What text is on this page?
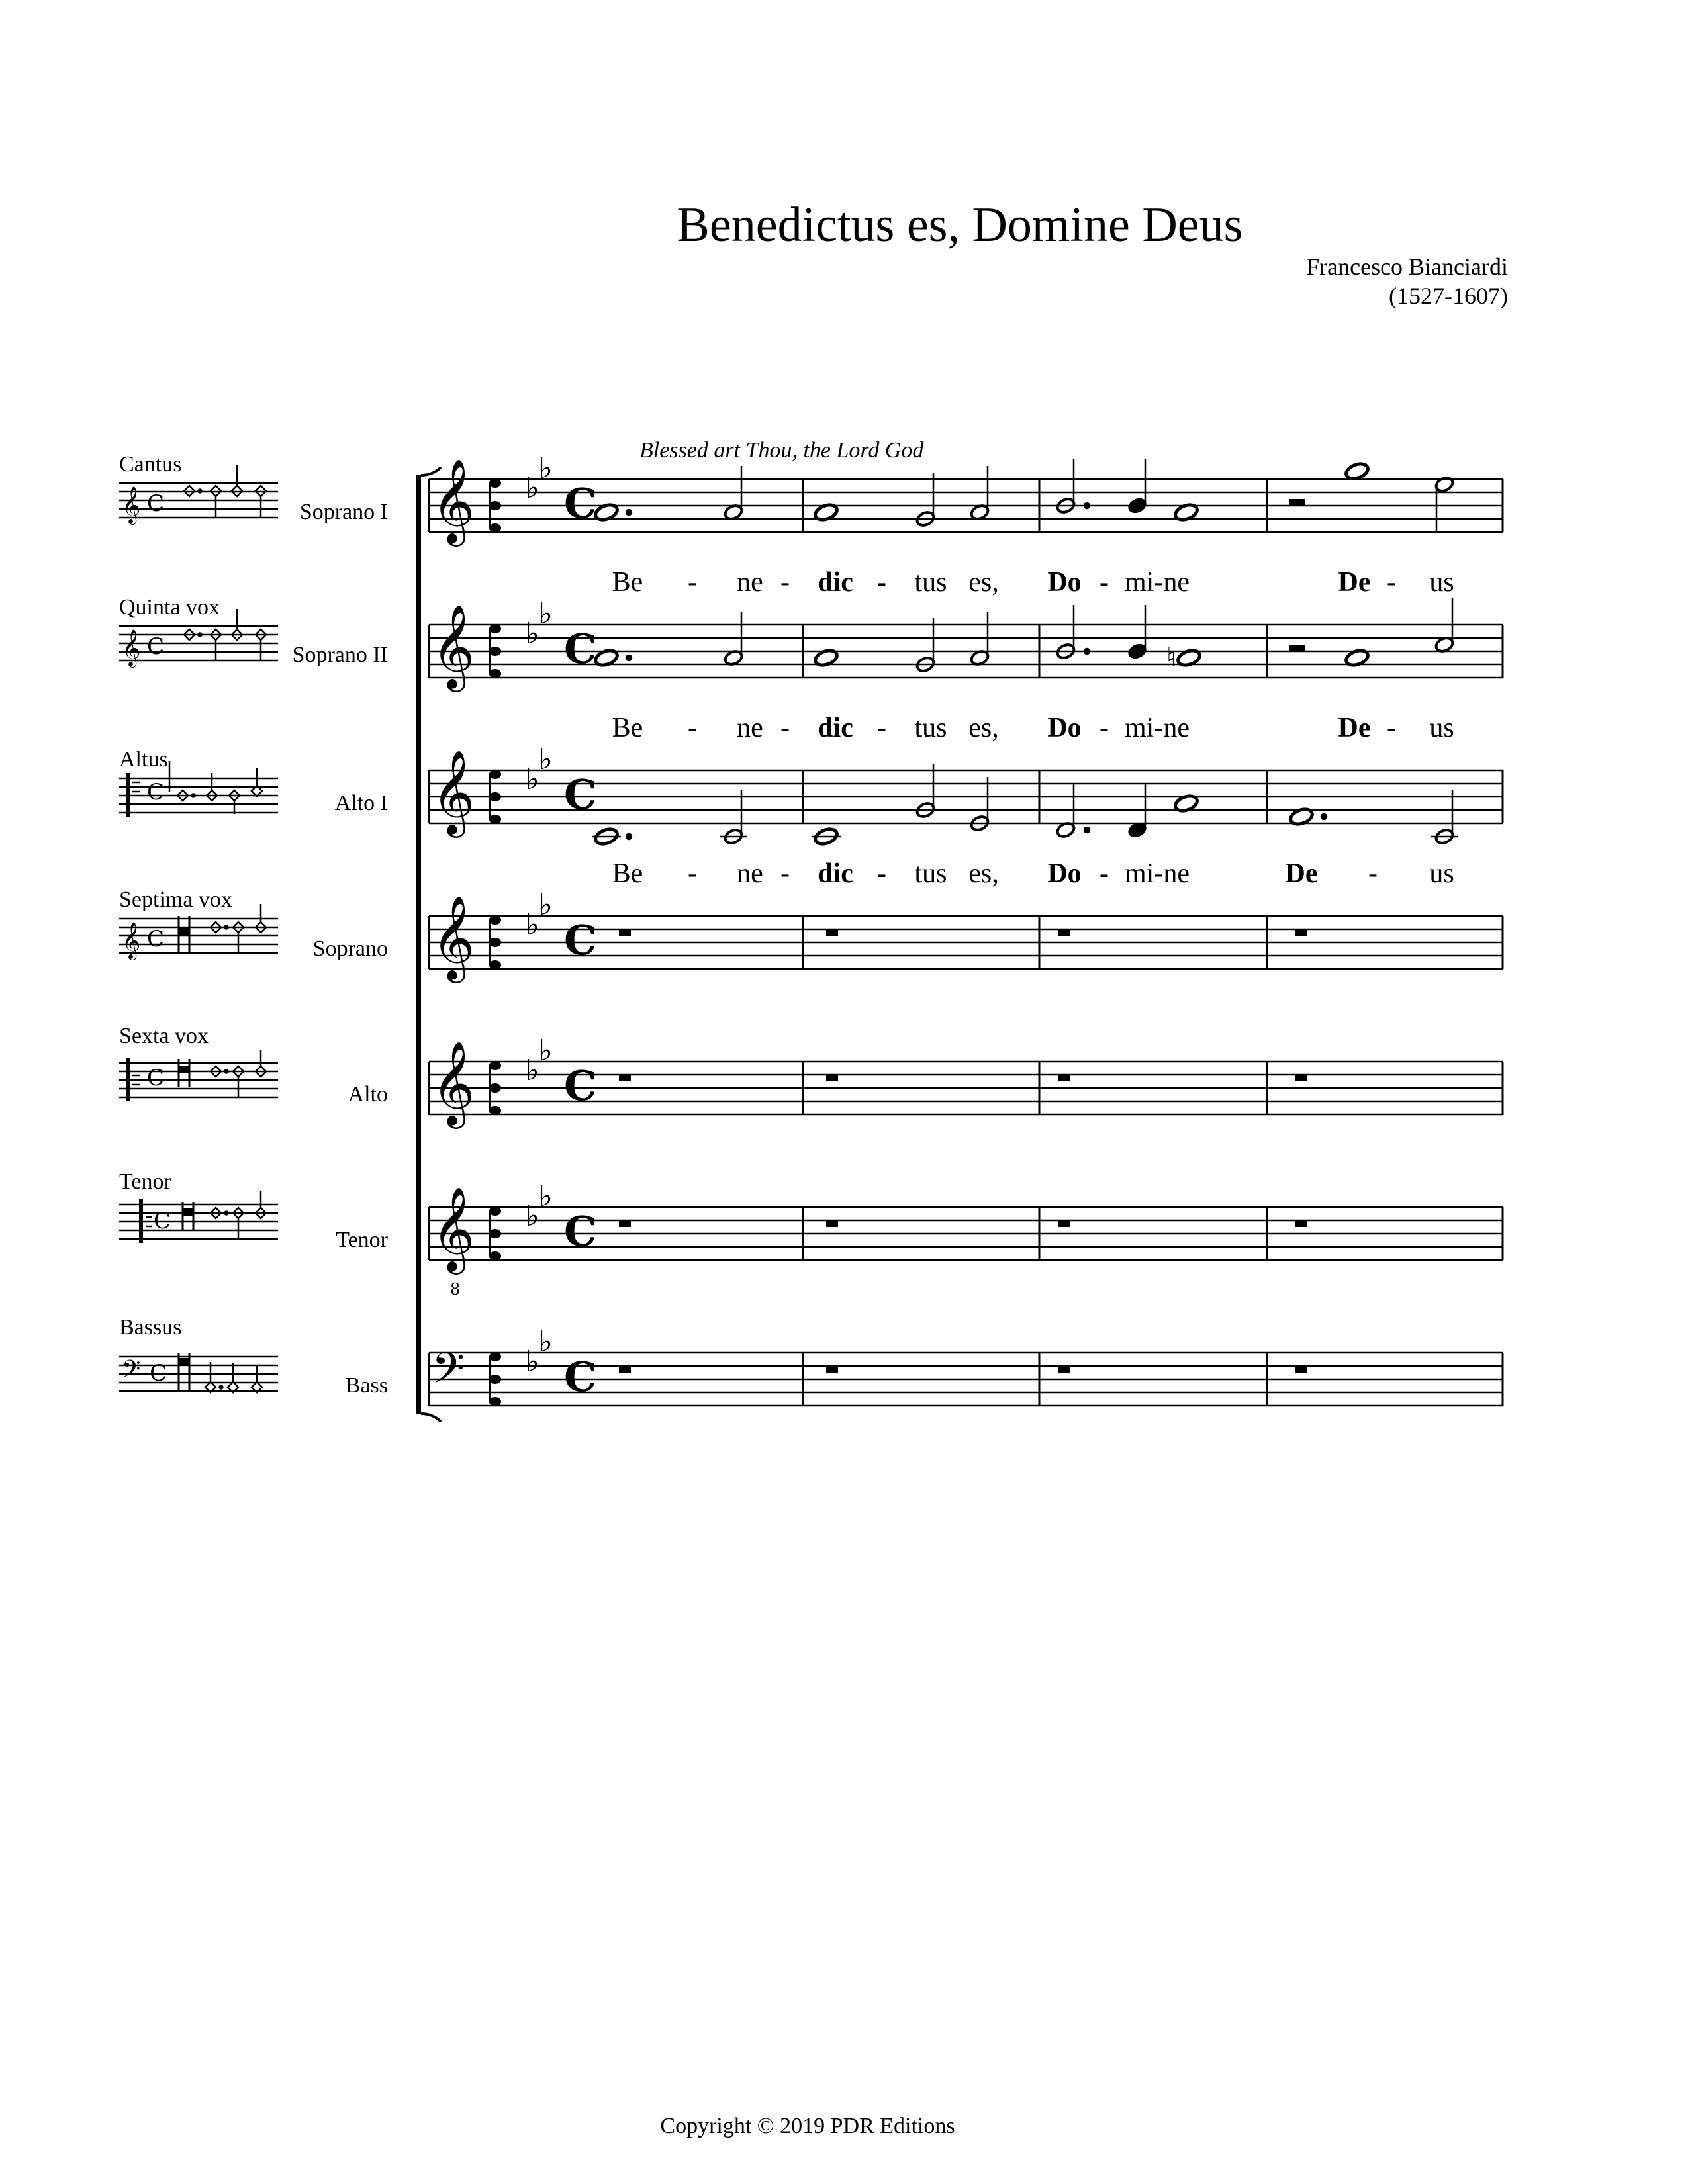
Benedictus es, Domine Deus
Francesco Bianciardi
(1527-1607)
Blessed art Thou, the Lord God
Cantus
Quinta vox
Altus
Septima vox
Sexta vox
Tenor
Bassus
Soprano I
Soprano II
Alto I
Soprano
Alto
Tenor
Bass
Be - ne - dic - tus es, Do - mi-ne	De - us
Be - ne - dic - tus es, Do - mi-ne	De - us
Be - ne - dic - tus es, Do - mi-ne	De - us
Copyright © 2019 PDR Editions
𝄞 C
𝄞 C
C
𝄞 C
C
C
𝄢 C
𝄞 ♭
♭
C
𝄞 ♭
♭
C
𝄞 ♭
♭
C
𝄞 ♭
♭
C
𝄞 ♭
♭
C
𝄞
8
♭
♭
C
𝄢 ♭
♭
C
♮
